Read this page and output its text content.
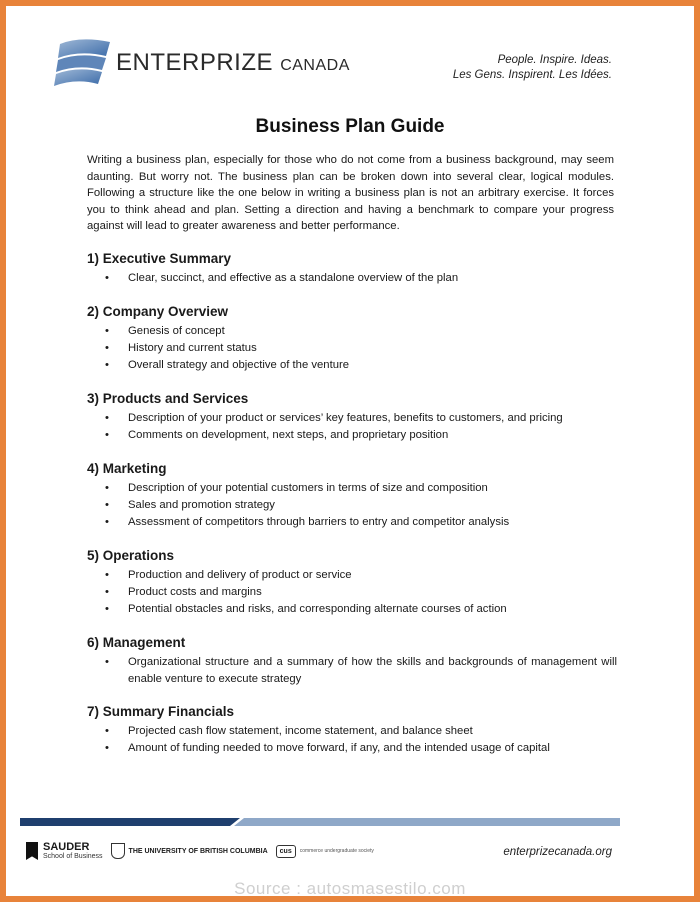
ENTERPRIZE CANADA	People. Inspire. Ideas.
Les Gens. Inspirent. Les Idées.
Business Plan Guide
Writing a business plan, especially for those who do not come from a business background, may seem daunting. But worry not. The business plan can be broken down into several clear, logical modules. Following a structure like the one below in writing a business plan is not an arbitrary exercise. It forces you to think ahead and plan. Setting a direction and having a benchmark to compare your progress against will lead to greater awareness and better performance.
1) Executive Summary
• Clear, succinct, and effective as a standalone overview of the plan
2) Company Overview
• Genesis of concept
• History and current status
• Overall strategy and objective of the venture
3) Products and Services
• Description of your product or services’ key features, benefits to customers, and pricing
• Comments on development, next steps, and proprietary position
4) Marketing
• Description of your potential customers in terms of size and composition
• Sales and promotion strategy
• Assessment of competitors through barriers to entry and competitor analysis
5) Operations
• Production and delivery of product or service
• Product costs and margins
• Potential obstacles and risks, and corresponding alternate courses of action
6) Management
• Organizational structure and a summary of how the skills and backgrounds of management will enable venture to execute strategy
7) Summary Financials
• Projected cash flow statement, income statement, and balance sheet
• Amount of funding needed to move forward, if any, and the intended usage of capital
SAUDER
School of Business
THE UNIVERSITY OF BRITISH COLUMBIA	cus	commerce undergraduate society	enterprizecanada.org
Source : autosmasestilo.com
